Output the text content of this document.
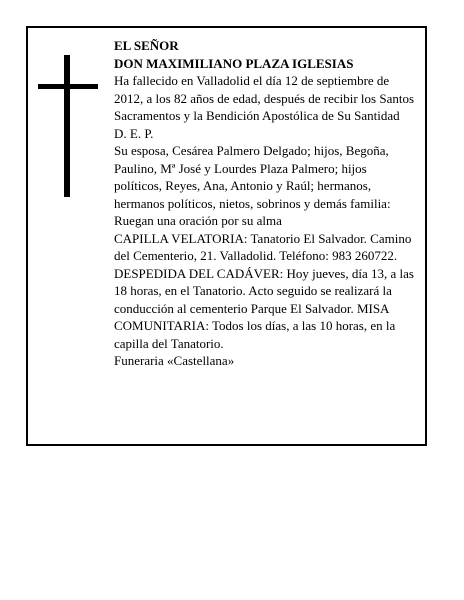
EL SEÑOR

DON MAXIMILIANO PLAZA IGLESIAS

Ha fallecido en Valladolid el día 12 de septiembre de 2012, a los 82 años de edad, después de recibir los Santos Sacramentos y la Bendición Apostólica de Su Santidad

D. E. P.

Su esposa, Cesárea Palmero Delgado; hijos, Begoña, Paulino, Mª José y Lourdes Plaza Palmero; hijos políticos, Reyes, Ana, Antonio y Raúl; hermanos, hermanos políticos, nietos, sobrinos y demás familia:

Ruegan una oración por su alma

CAPILLA VELATORIA: Tanatorio El Salvador. Camino del Cementerio, 21. Valladolid. Teléfono: 983 260722.

DESPEDIDA DEL CADÁVER: Hoy jueves, día 13, a las 18 horas, en el Tanatorio. Acto seguido se realizará la conducción al cementerio Parque El Salvador. MISA COMUNITARIA: Todos los días, a las 10 horas, en la capilla del Tanatorio.

Funeraria «Castellana»
